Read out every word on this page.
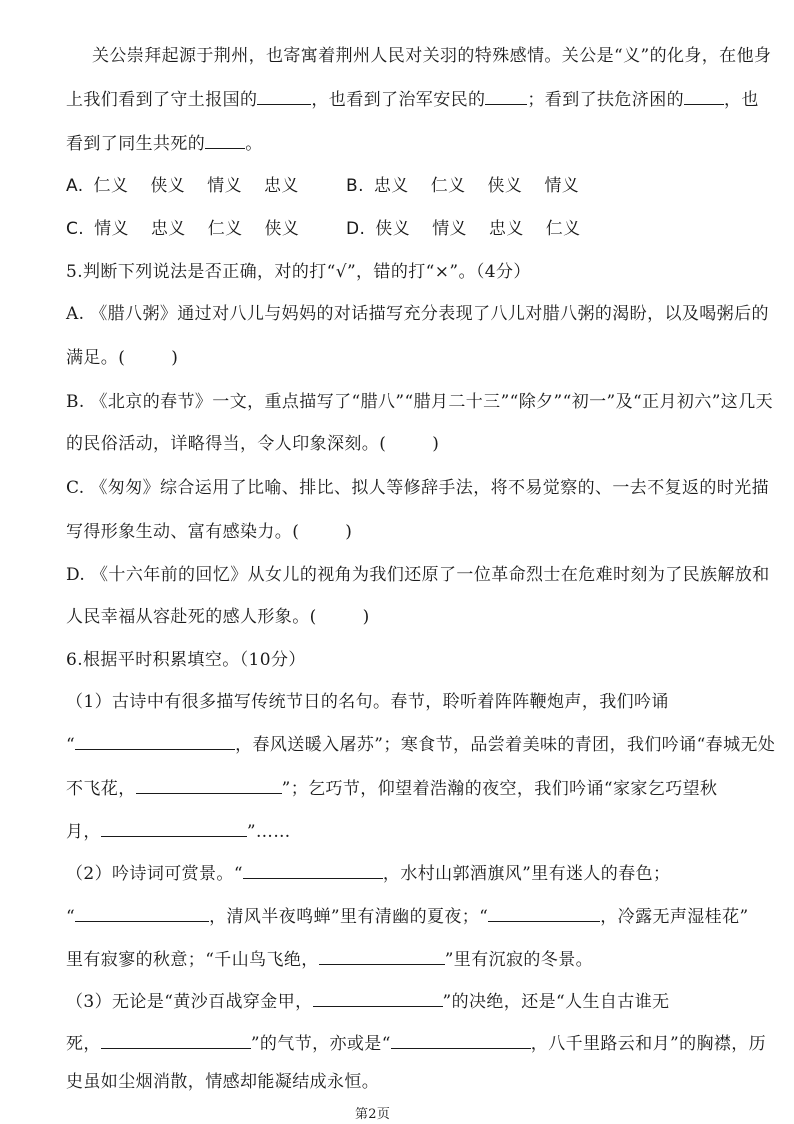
关公崇拜起源于荆州，也寄寓着荆州人民对关羽的特殊感情。关公是“义”的化身，在他身
上我们看到了守土报国的	，也看到了治军安民的 ；看到了扶危济困的 ，也
看到了同生共死的 。
A. 仁义 侠义 情义 忠义	B. 忠义 仁义 侠义 情义
C. 情义 忠义 仁义 侠义	D. 侠义 情义 忠义 仁义
5.判断下列说法是否正确，对的打“√”，错的打“×”。（4分）
A. 《腊八粥》通过对八儿与妈妈的对话描写充分表现了八儿对腊八粥的渴盼，以及喝粥后的
满足。(	)
B. 《北京的春节》一文，重点描写了“腊八”“腊月二十三”“除夕”“初一”及“正月初六”这几天
的民俗活动，详略得当，令人印象深刻。(	)
C. 《匆匆》综合运用了比喻、排比、拟人等修辞手法，将不易觉察的、一去不复返的时光描
写得形象生动、富有感染力。(	)
D. 《十六年前的回忆》从女儿的视角为我们还原了一位革命烈士在危难时刻为了民族解放和
人民幸福从容赴死的感人形象。(	)
6.根据平时积累填空。（10分）
（1）古诗中有很多描写传统节日的名句。春节，聆听着阵阵鞭炮声，我们吟诵
“	，春风送暖入屠苏”；寒食节，品尝着美味的青团，我们吟诵“春城无处
不飞花，	”；乞巧节，仰望着浩瀚的夜空，我们吟诵“家家乞巧望秋
月，	”……
（2）吟诗词可赏景。“	，水村山郭酒旗风”里有迷人的春色；
“	，清风半夜鸣蝉”里有清幽的夏夜；“	，冷露无声湿桂花”
里有寂寥的秋意；“千山鸟飞绝，	”里有沉寂的冬景。
（3）无论是“黄沙百战穿金甲，	”的决绝，还是“人生自古谁无
死，	”的气节，亦或是“	，八千里路云和月”的胸襟，历
史虽如尘烟消散，情感却能凝结成永恒。
第2页
